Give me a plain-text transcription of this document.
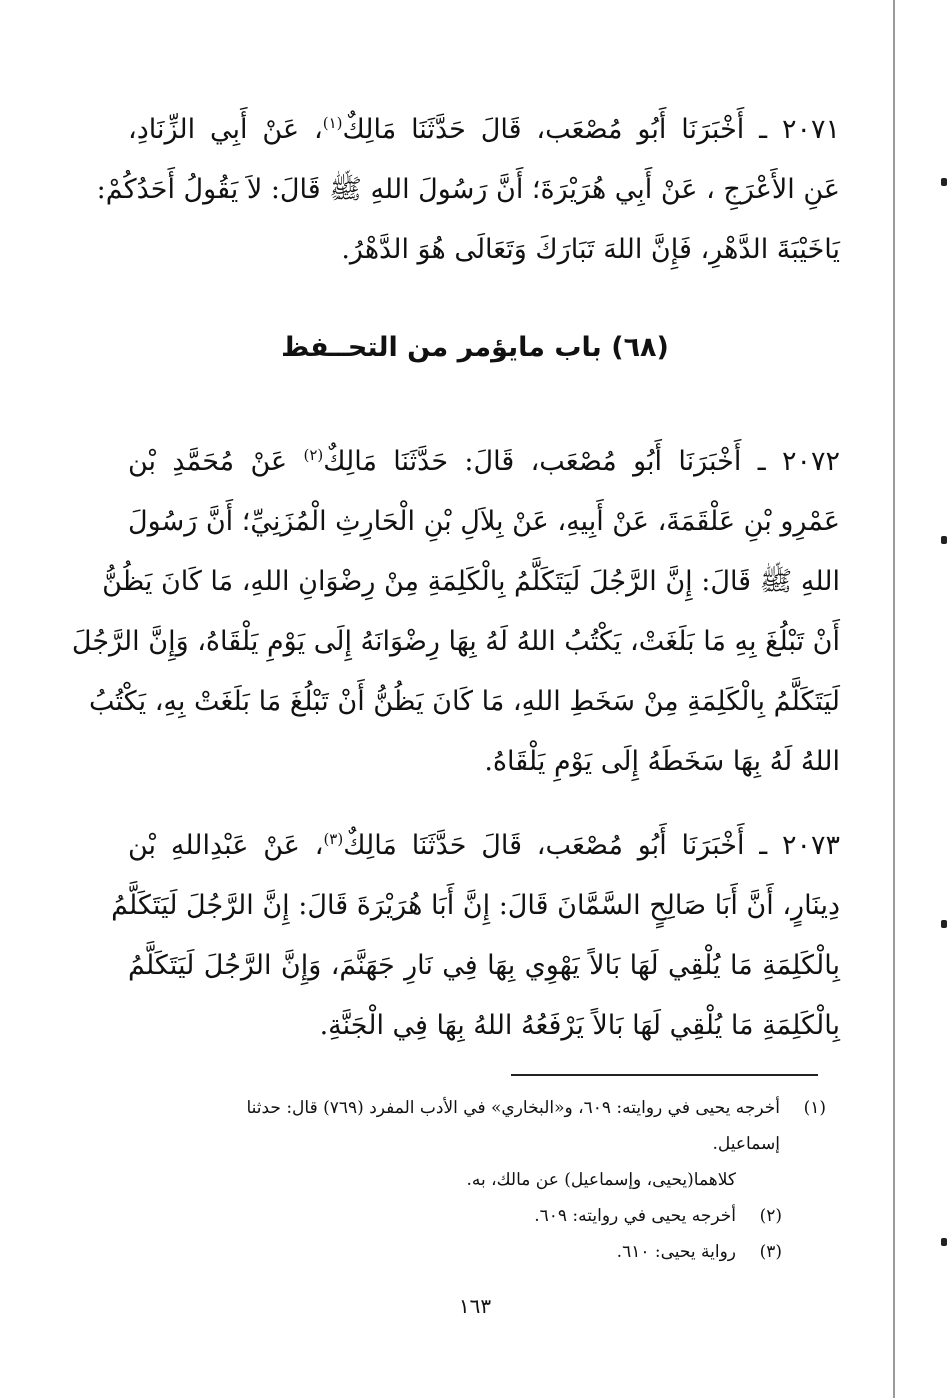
٢٠٧١ ـ أَخْبَرَنَا أَبُو مُصْعَب، قَالَ حَدَّثَنَا مَالِكٌ$^{(١)}$، عَنْ أَبِي الزِّنَادِ،
عَنِ الأَعْرَجِ ، عَنْ أَبِي هُرَيْرَةَ؛ أَنَّ رَسُولَ اللهِ ﷺ قَالَ: لاَ يَقُولُ أَحَدُكُمْ:
يَاخَيْبَةَ الدَّهْرِ، فَإِنَّ اللهَ تَبَارَكَ وَتَعَالَى هُوَ الدَّهْرُ.
(٦٨) باب مايؤمر من التحــفظ
٢٠٧٢ ـ أَخْبَرَنَا أَبُو مُصْعَب، قَالَ: حَدَّثَنَا مَالِكٌ$^{(٢)}$ عَنْ مُحَمَّدِ بْن
عَمْرِو بْنِ عَلْقَمَةَ، عَنْ أَبِيهِ، عَنْ بِلاَلِ بْنِ الْحَارِثِ الْمُزَنِيِّ؛ أَنَّ رَسُولَ
اللهِ ﷺ قَالَ: إِنَّ الرَّجُلَ لَيَتَكَلَّمُ بِالْكَلِمَةِ مِنْ رِضْوَانِ اللهِ، مَا كَانَ يَظُنُّ
أَنْ تَبْلُغَ بِهِ مَا بَلَغَتْ، يَكْتُبُ اللهُ لَهُ بِهَا رِضْوَانَهُ إِلَى يَوْمِ يَلْقَاهُ، وَإِنَّ الرَّجُلَ
لَيَتَكَلَّمُ بِالْكَلِمَةِ مِنْ سَخَطِ اللهِ، مَا كَانَ يَظُنُّ أَنْ تَبْلُغَ مَا بَلَغَتْ بِهِ، يَكْتُبُ
اللهُ لَهُ بِهَا سَخَطَهُ إِلَى يَوْمِ يَلْقَاهُ.
٢٠٧٣ ـ أَخْبَرَنَا أَبُو مُصْعَب، قَالَ حَدَّثَنَا مَالِكٌ$^{(٣)}$، عَنْ عَبْدِاللهِ بْن
دِينَارٍ، أَنَّ أَبَا صَالِحٍ السَّمَّانَ قَالَ: إِنَّ أَبَا هُرَيْرَةَ قَالَ: إِنَّ الرَّجُلَ لَيَتَكَلَّمُ
بِالْكَلِمَةِ مَا يُلْقِي لَهَا بَالاً يَهْوِي بِهَا فِي نَارِ جَهَنَّمَ، وَإِنَّ الرَّجُلَ لَيَتَكَلَّمُ
بِالْكَلِمَةِ مَا يُلْقِي لَهَا بَالاً يَرْفَعُهُ اللهُ بِهَا فِي الْجَنَّةِ.
(١)أخرجه يحيى في روايته: ٦٠٩، و«البخاري» في الأدب المفرد (٧٦٩) قال: حدثنا
إسماعيل.
كلاهما(يحيى، وإسماعيل) عن مالك، به.
(٢)أخرجه يحيى في روايته: ٦٠٩.
(٣)رواية يحيى: ٦١٠.
١٦٣
